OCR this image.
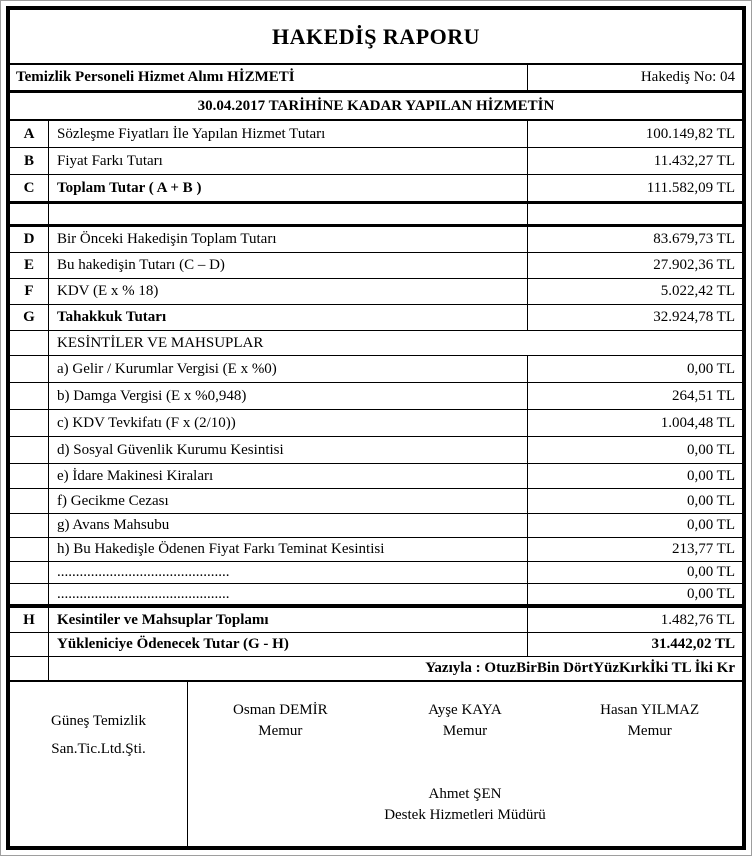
HAKEDİŞ RAPORU
Temizlik Personeli Hizmet Alımı HİZMETİ	Hakediş No: 04
30.04.2017 TARİHİNE KADAR YAPILAN HİZMETİN
A	Sözleşme Fiyatları İle Yapılan Hizmet Tutarı	100.149,82 TL
B	Fiyat Farkı Tutarı	11.432,27 TL
C	Toplam Tutar ( A + B )	111.582,09 TL
D	Bir Önceki Hakedişin Toplam Tutarı	83.679,73 TL
E	Bu hakedişin Tutarı (C – D)	27.902,36 TL
F	KDV (E x % 18)	5.022,42 TL
G	Tahakkuk Tutarı	32.924,78 TL
KESİNTİLER VE MAHSUPLAR
a) Gelir / Kurumlar Vergisi (E x %0)	0,00 TL
b) Damga Vergisi (E x %0,948)	264,51 TL
c) KDV Tevkifatı (F x (2/10))	1.004,48 TL
d) Sosyal Güvenlik Kurumu Kesintisi	0,00 TL
e) İdare Makinesi Kiraları	0,00 TL
f) Gecikme Cezası	0,00 TL
g) Avans Mahsubu	0,00 TL
h) Bu Hakedişle Ödenen Fiyat Farkı Teminat Kesintisi	213,77 TL
..............................................	0,00 TL
..............................................	0,00 TL
H	Kesintiler ve Mahsuplar Toplamı	1.482,76 TL
Yükleniciye Ödenecek Tutar (G - H)	31.442,02 TL
Yazıyla : OtuzBirBin DörtYüzKırkİki TL İki Kr
Güneş Temizlik
San.Tic.Ltd.Şti.
Osman DEMİR
Memur
Ayşe KAYA
Memur
Hasan YILMAZ
Memur
Ahmet ŞEN
Destek Hizmetleri Müdürü
